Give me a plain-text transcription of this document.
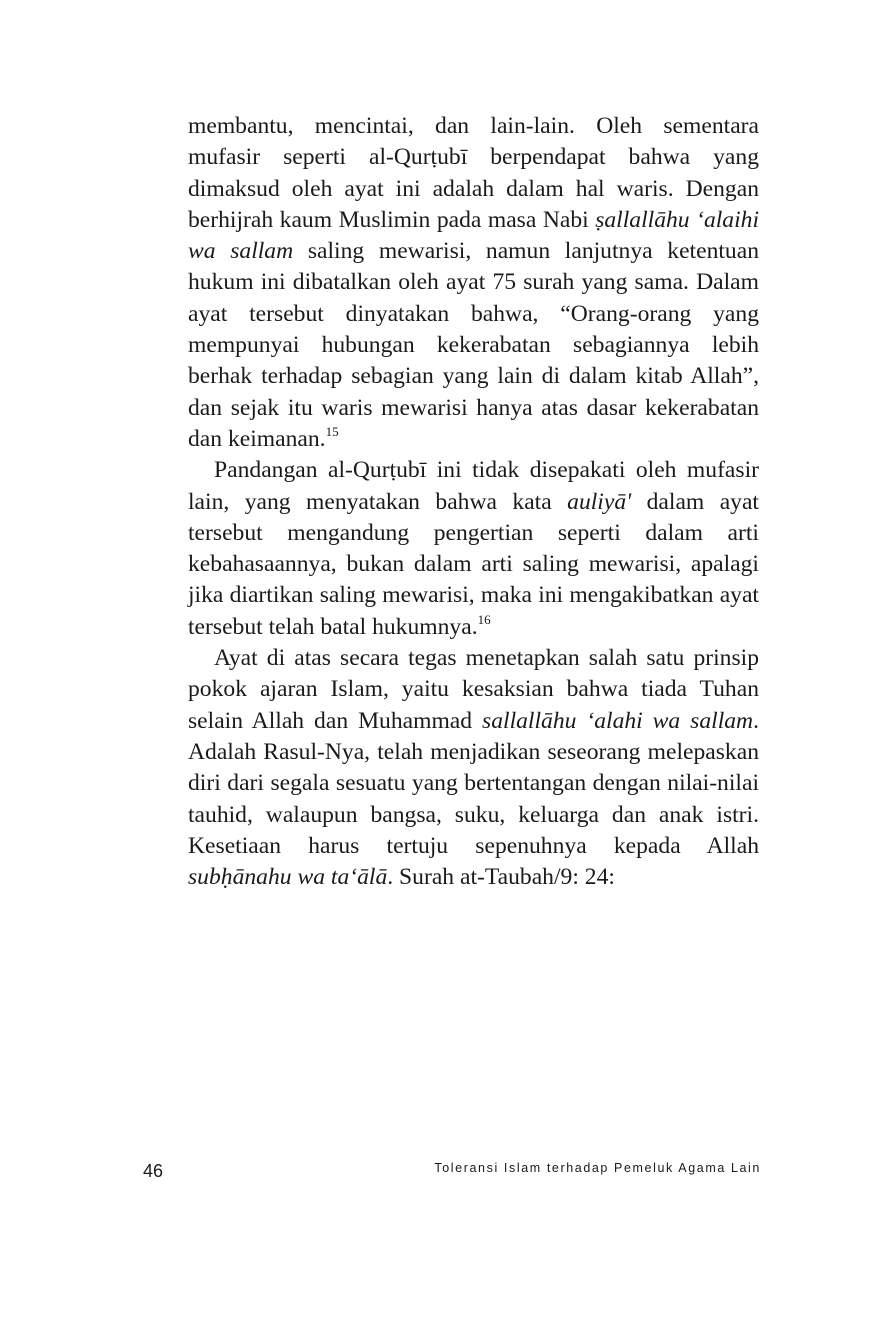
membantu, mencintai, dan lain-lain. Oleh sementara mufasir seperti al-Qurṭubī berpendapat bahwa yang dimaksud oleh ayat ini adalah dalam hal waris. Dengan berhijrah kaum Muslimin pada masa Nabi ṣallallāhu ‘alaihi wa sallam saling mewarisi, namun lanjutnya ketentuan hukum ini dibatalkan oleh ayat 75 surah yang sama. Dalam ayat tersebut dinyatakan bahwa, “Orang-orang yang mempunyai hubungan kekerabatan sebagiannya lebih berhak terhadap sebagian yang lain di dalam kitab Allah”, dan sejak itu waris mewarisi hanya atas dasar kekerabatan dan keimanan.$^{15}$

Pandangan al-Qurṭubī ini tidak disepakati oleh mufasir lain, yang menyatakan bahwa kata auliyā' dalam ayat tersebut mengandung pengertian seperti dalam arti kebahasaannya, bukan dalam arti saling mewarisi, apalagi jika diartikan saling mewarisi, maka ini mengakibatkan ayat tersebut telah batal hukumnya.$^{16}$

Ayat di atas secara tegas menetapkan salah satu prinsip pokok ajaran Islam, yaitu kesaksian bahwa tiada Tuhan selain Allah dan Muhammad sallallāhu ‘alahi wa sallam. Adalah Rasul-Nya, telah menjadikan seseorang melepaskan diri dari segala sesuatu yang bertentangan dengan nilai-nilai tauhid, walaupun bangsa, suku, keluarga dan anak istri. Kesetiaan harus tertuju sepenuhnya kepada Allah subḥānahu wa ta‘ālā. Surah at-Taubah/9: 24:

46	Toleransi Islam terhadap Pemeluk Agama Lain
